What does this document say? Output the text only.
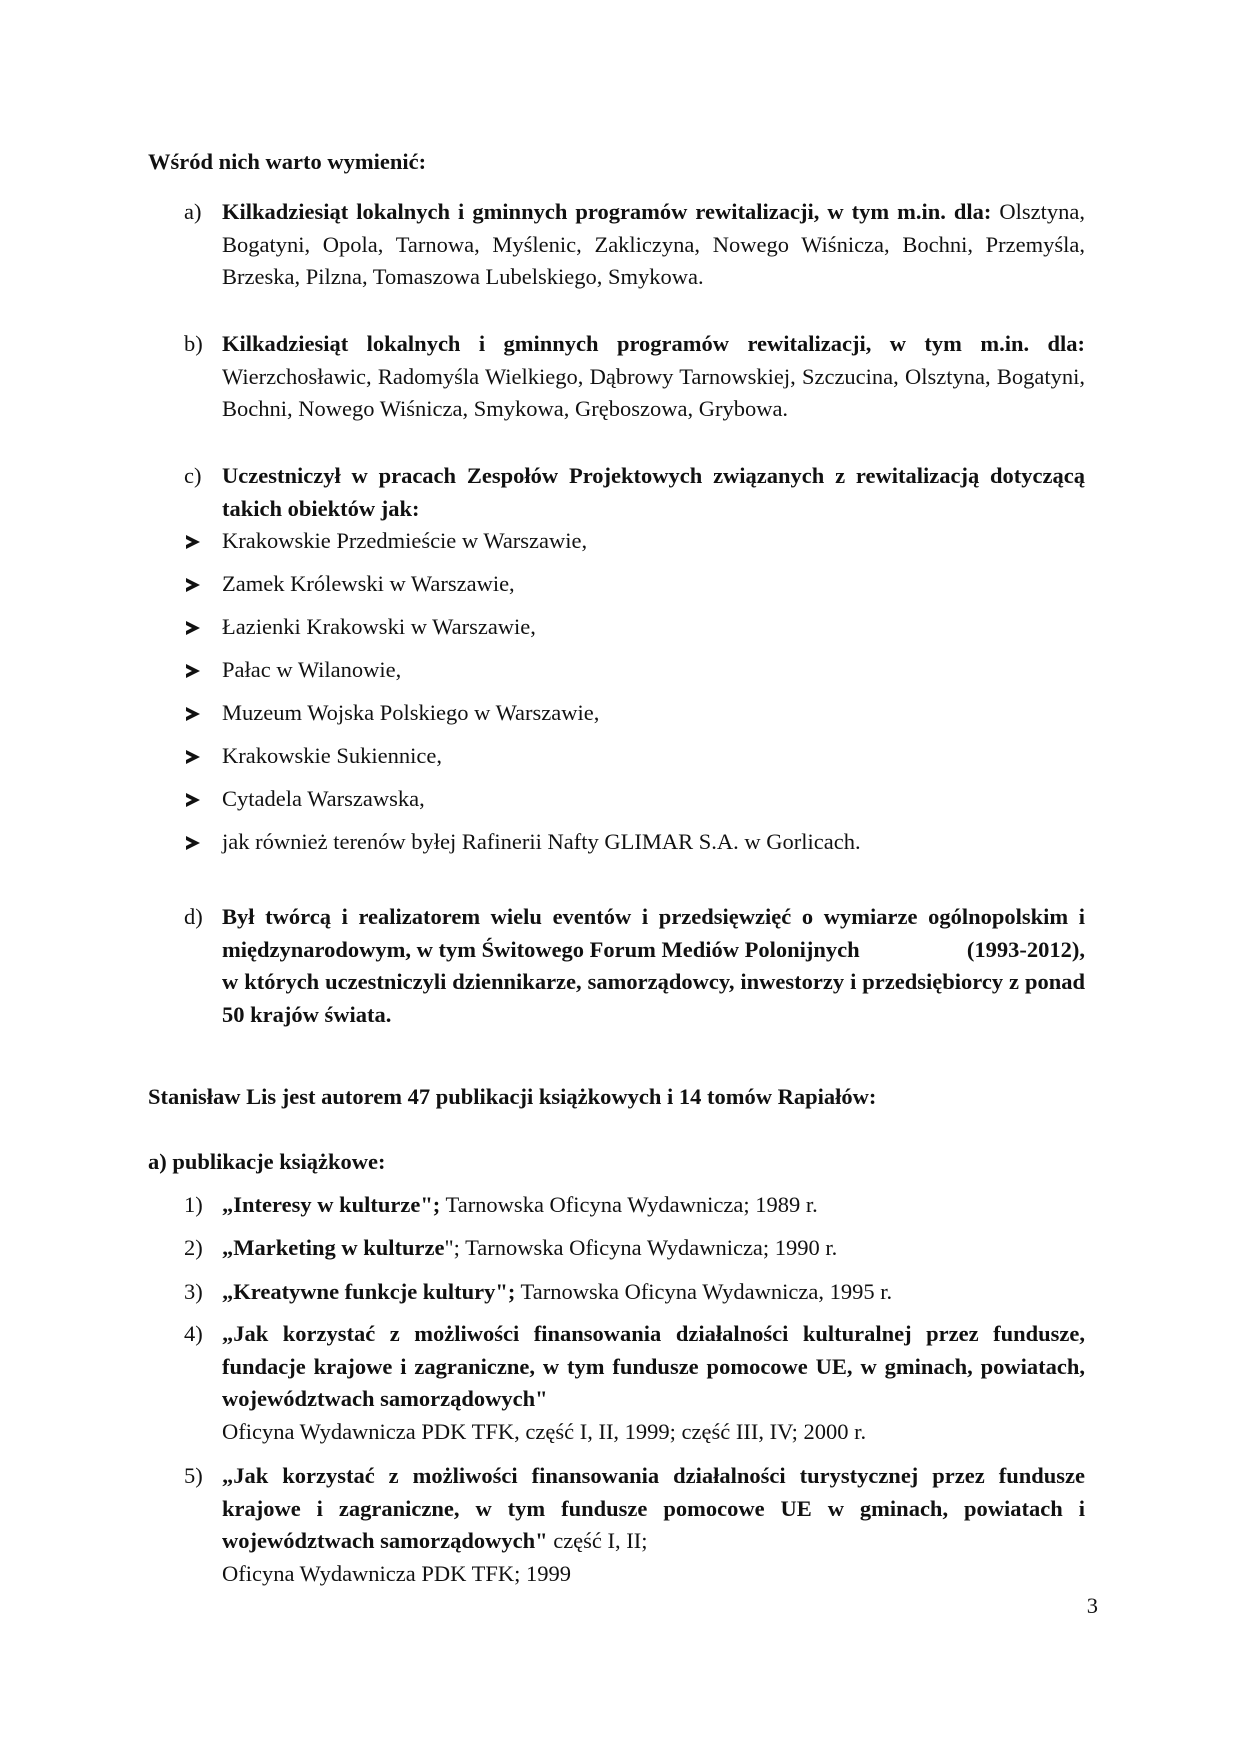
Wśród nich warto wymienić:
a) Kilkadziesiąt lokalnych i gminnych programów rewitalizacji, w tym m.in. dla: Olsztyna, Bogatyni, Opola, Tarnowa, Myślenic, Zakliczyna, Nowego Wiśnicza, Bochni, Przemyśla, Brzeska, Pilzna, Tomaszowa Lubelskiego, Smykowa.
b) Kilkadziesiąt lokalnych i gminnych programów rewitalizacji, w tym m.in. dla: Wierzchosławic, Radomyśla Wielkiego, Dąbrowy Tarnowskiej, Szczucina, Olsztyna, Bogatyni, Bochni, Nowego Wiśnicza, Smykowa, Gręboszowa, Grybowa.
c) Uczestniczył w pracach Zespołów Projektowych związanych z rewitalizacją dotyczącą takich obiektów jak:
Krakowskie Przedmieście w Warszawie,
Zamek Królewski w Warszawie,
Łazienki Krakowski w Warszawie,
Pałac w Wilanowie,
Muzeum Wojska Polskiego w Warszawie,
Krakowskie Sukiennice,
Cytadela Warszawska,
jak również terenów byłej Rafinerii Nafty GLIMAR S.A. w Gorlicach.
d) Był twórcą i realizatorem wielu eventów i przedsięwzięć o wymiarze ogólnopolskim i międzynarodowym, w tym Świtowego Forum Mediów Polonijnych	(1993-2012),
w których uczestniczyli dziennikarze, samorządowcy, inwestorzy i przedsiębiorcy z ponad 50 krajów świata.
Stanisław Lis jest autorem 47 publikacji książkowych i 14 tomów Rapiałów:
a) publikacje książkowe:
1) „Interesy w kulturze"; Tarnowska Oficyna Wydawnicza; 1989 r.
2) „Marketing w kulturze"; Tarnowska Oficyna Wydawnicza; 1990 r.
3) „Kreatywne funkcje kultury"; Tarnowska Oficyna Wydawnicza, 1995 r.
4) „Jak korzystać z możliwości finansowania działalności kulturalnej przez fundusze, fundacje krajowe i zagraniczne, w tym fundusze pomocowe UE, w gminach, powiatach, województwach samorządowych"
Oficyna Wydawnicza PDK TFK, część I, II, 1999; część III, IV; 2000 r.
5) „Jak korzystać z możliwości finansowania działalności turystycznej przez fundusze krajowe i zagraniczne, w tym fundusze pomocowe UE w gminach, powiatach i województwach samorządowych" część I, II;
Oficyna Wydawnicza PDK TFK; 1999
3
